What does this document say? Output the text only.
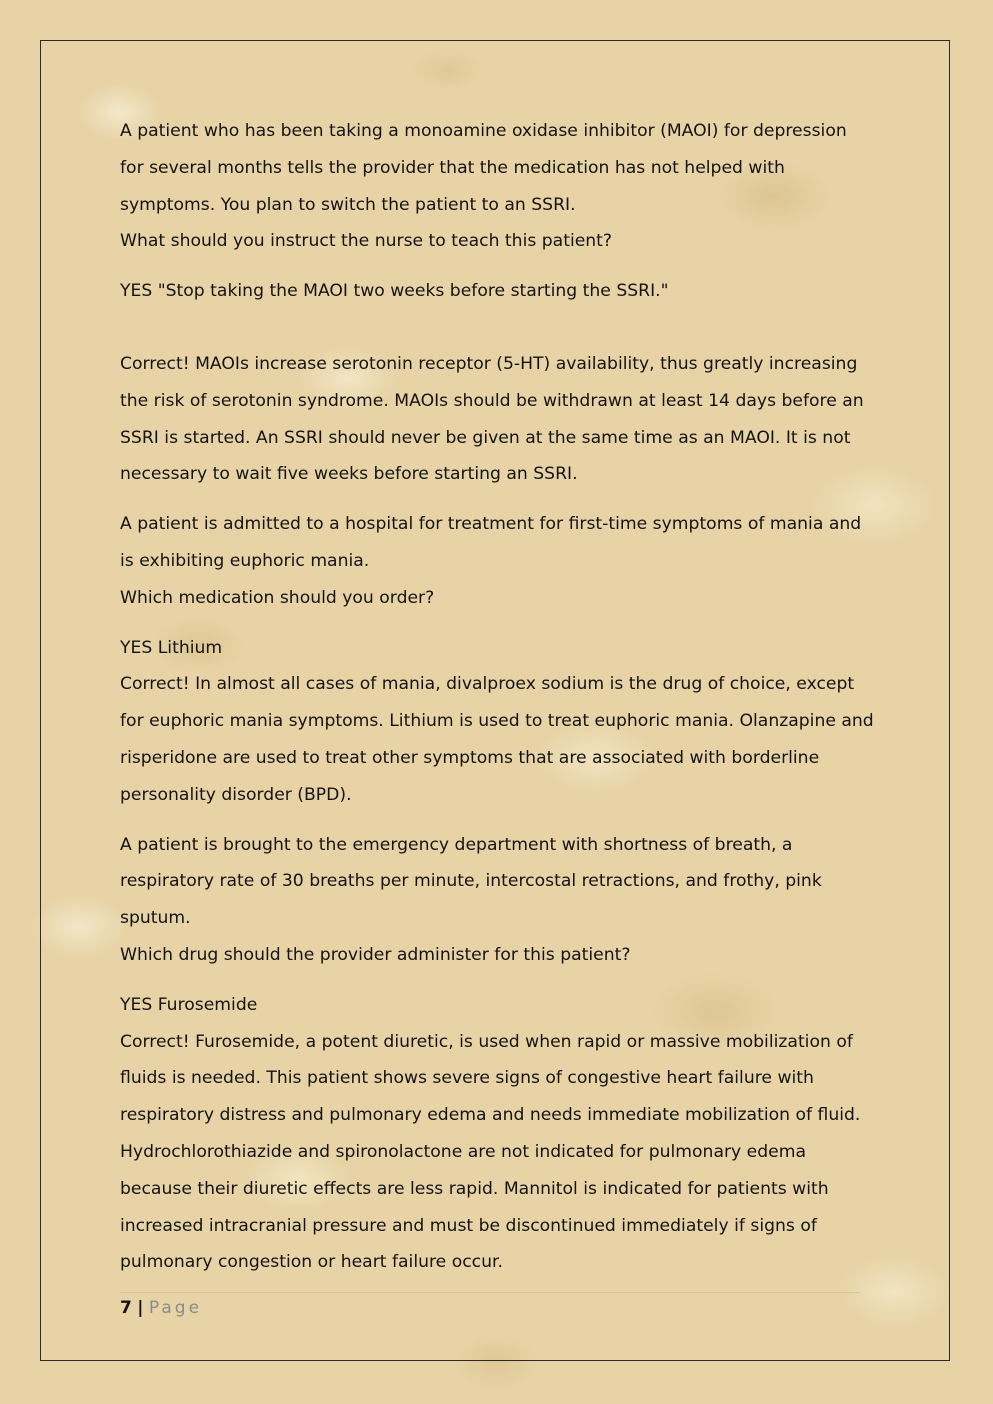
A patient who has been taking a monoamine oxidase inhibitor (MAOI) for depression for several months tells the provider that the medication has not helped with symptoms. You plan to switch the patient to an SSRI.

What should you instruct the nurse to teach this patient?

YES "Stop taking the MAOI two weeks before starting the SSRI."

Correct! MAOIs increase serotonin receptor (5-HT) availability, thus greatly increasing the risk of serotonin syndrome. MAOIs should be withdrawn at least 14 days before an SSRI is started. An SSRI should never be given at the same time as an MAOI. It is not necessary to wait five weeks before starting an SSRI.

A patient is admitted to a hospital for treatment for first-time symptoms of mania and is exhibiting euphoric mania.

Which medication should you order?

YES Lithium

Correct! In almost all cases of mania, divalproex sodium is the drug of choice, except for euphoric mania symptoms. Lithium is used to treat euphoric mania. Olanzapine and risperidone are used to treat other symptoms that are associated with borderline personality disorder (BPD).

A patient is brought to the emergency department with shortness of breath, a respiratory rate of 30 breaths per minute, intercostal retractions, and frothy, pink sputum.

Which drug should the provider administer for this patient?

YES Furosemide

Correct! Furosemide, a potent diuretic, is used when rapid or massive mobilization of fluids is needed. This patient shows severe signs of congestive heart failure with respiratory distress and pulmonary edema and needs immediate mobilization of fluid. Hydrochlorothiazide and spironolactone are not indicated for pulmonary edema because their diuretic effects are less rapid. Mannitol is indicated for patients with increased intracranial pressure and must be discontinued immediately if signs of pulmonary congestion or heart failure occur.

7 | Page
